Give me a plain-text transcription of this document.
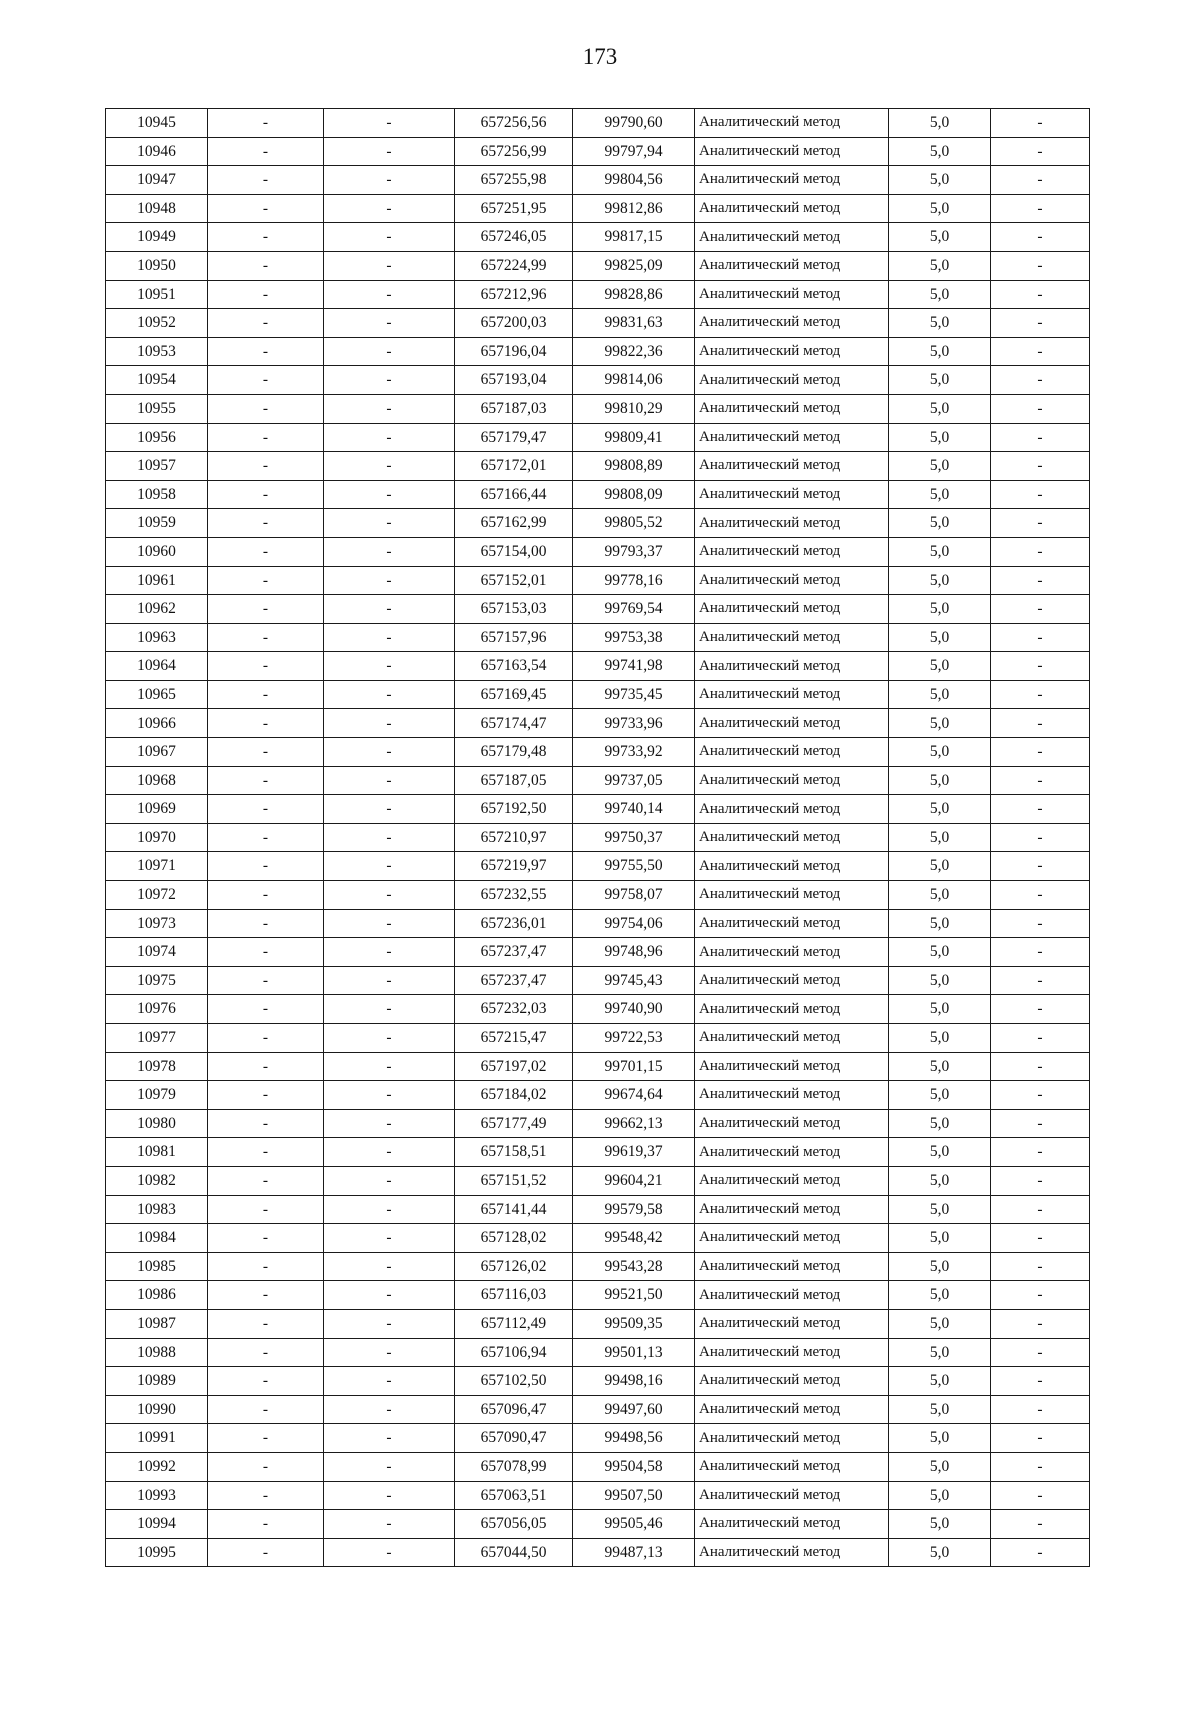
173
10945	-	-	657256,56	99790,60	Аналитический метод	5,0	-
10946	-	-	657256,99	99797,94	Аналитический метод	5,0	-
10947	-	-	657255,98	99804,56	Аналитический метод	5,0	-
10948	-	-	657251,95	99812,86	Аналитический метод	5,0	-
10949	-	-	657246,05	99817,15	Аналитический метод	5,0	-
10950	-	-	657224,99	99825,09	Аналитический метод	5,0	-
10951	-	-	657212,96	99828,86	Аналитический метод	5,0	-
10952	-	-	657200,03	99831,63	Аналитический метод	5,0	-
10953	-	-	657196,04	99822,36	Аналитический метод	5,0	-
10954	-	-	657193,04	99814,06	Аналитический метод	5,0	-
10955	-	-	657187,03	99810,29	Аналитический метод	5,0	-
10956	-	-	657179,47	99809,41	Аналитический метод	5,0	-
10957	-	-	657172,01	99808,89	Аналитический метод	5,0	-
10958	-	-	657166,44	99808,09	Аналитический метод	5,0	-
10959	-	-	657162,99	99805,52	Аналитический метод	5,0	-
10960	-	-	657154,00	99793,37	Аналитический метод	5,0	-
10961	-	-	657152,01	99778,16	Аналитический метод	5,0	-
10962	-	-	657153,03	99769,54	Аналитический метод	5,0	-
10963	-	-	657157,96	99753,38	Аналитический метод	5,0	-
10964	-	-	657163,54	99741,98	Аналитический метод	5,0	-
10965	-	-	657169,45	99735,45	Аналитический метод	5,0	-
10966	-	-	657174,47	99733,96	Аналитический метод	5,0	-
10967	-	-	657179,48	99733,92	Аналитический метод	5,0	-
10968	-	-	657187,05	99737,05	Аналитический метод	5,0	-
10969	-	-	657192,50	99740,14	Аналитический метод	5,0	-
10970	-	-	657210,97	99750,37	Аналитический метод	5,0	-
10971	-	-	657219,97	99755,50	Аналитический метод	5,0	-
10972	-	-	657232,55	99758,07	Аналитический метод	5,0	-
10973	-	-	657236,01	99754,06	Аналитический метод	5,0	-
10974	-	-	657237,47	99748,96	Аналитический метод	5,0	-
10975	-	-	657237,47	99745,43	Аналитический метод	5,0	-
10976	-	-	657232,03	99740,90	Аналитический метод	5,0	-
10977	-	-	657215,47	99722,53	Аналитический метод	5,0	-
10978	-	-	657197,02	99701,15	Аналитический метод	5,0	-
10979	-	-	657184,02	99674,64	Аналитический метод	5,0	-
10980	-	-	657177,49	99662,13	Аналитический метод	5,0	-
10981	-	-	657158,51	99619,37	Аналитический метод	5,0	-
10982	-	-	657151,52	99604,21	Аналитический метод	5,0	-
10983	-	-	657141,44	99579,58	Аналитический метод	5,0	-
10984	-	-	657128,02	99548,42	Аналитический метод	5,0	-
10985	-	-	657126,02	99543,28	Аналитический метод	5,0	-
10986	-	-	657116,03	99521,50	Аналитический метод	5,0	-
10987	-	-	657112,49	99509,35	Аналитический метод	5,0	-
10988	-	-	657106,94	99501,13	Аналитический метод	5,0	-
10989	-	-	657102,50	99498,16	Аналитический метод	5,0	-
10990	-	-	657096,47	99497,60	Аналитический метод	5,0	-
10991	-	-	657090,47	99498,56	Аналитический метод	5,0	-
10992	-	-	657078,99	99504,58	Аналитический метод	5,0	-
10993	-	-	657063,51	99507,50	Аналитический метод	5,0	-
10994	-	-	657056,05	99505,46	Аналитический метод	5,0	-
10995	-	-	657044,50	99487,13	Аналитический метод	5,0	-
